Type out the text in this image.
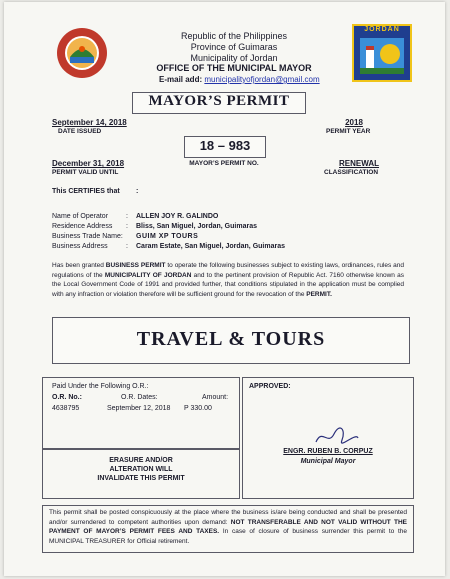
JORDAN
Republic of the Philippines
Province of Guimaras
Municipality of Jordan
OFFICE OF THE MUNICIPAL MAYOR
E-mail add: municipalityofjordan@gmail.com
MAYOR’S PERMIT
September 14, 2018
DATE ISSUED
2018
PERMIT YEAR
18 – 983
MAYOR’S PERMIT NO.
December 31, 2018
PERMIT VALID UNTIL
RENEWAL
CLASSIFICATION
This CERTIFIES that :
Name of Operator	: ALLEN JOY R. GALINDO
Residence Address : Bliss, San Miguel, Jordan, Guimaras
Business Trade Name: GUIM XP TOURS
Business Address	: Caram Estate, San Miguel, Jordan, Guimaras
Has been granted BUSINESS PERMIT to operate the following businesses subject to existing laws, ordinances, rules and regulations of the MUNICIPALITY OF JORDAN and to the pertinent provision of Republic Act. 7160 otherwise known as the Local Government Code of 1991 and provided further, that conditions stipulated in the application must be complied with any infraction or violation therefore will be sufficient ground for the revocation of the PERMIT.
TRAVEL & TOURS
Paid Under the Following O.R.:
O.R. No.:	O.R. Dates:	Amount:
4638795	September 12, 2018 P 330.00
APPROVED:
ENGR. RUBEN B. CORPUZ
Municipal Mayor
ERASURE AND/OR
ALTERATION WILL
INVALIDATE THIS PERMIT
This permit shall be posted conspicuously at the place where the business is/are being conducted and shall be presented and/or surrendered to competent authorities upon demand: NOT TRANSFERABLE AND NOT VALID WITHOUT THE PAYMENT OF MAYOR’S PERMIT FEES AND TAXES. In case of closure of business surrender this permit to the MUNICIPAL TREASURER for Official retirement.
